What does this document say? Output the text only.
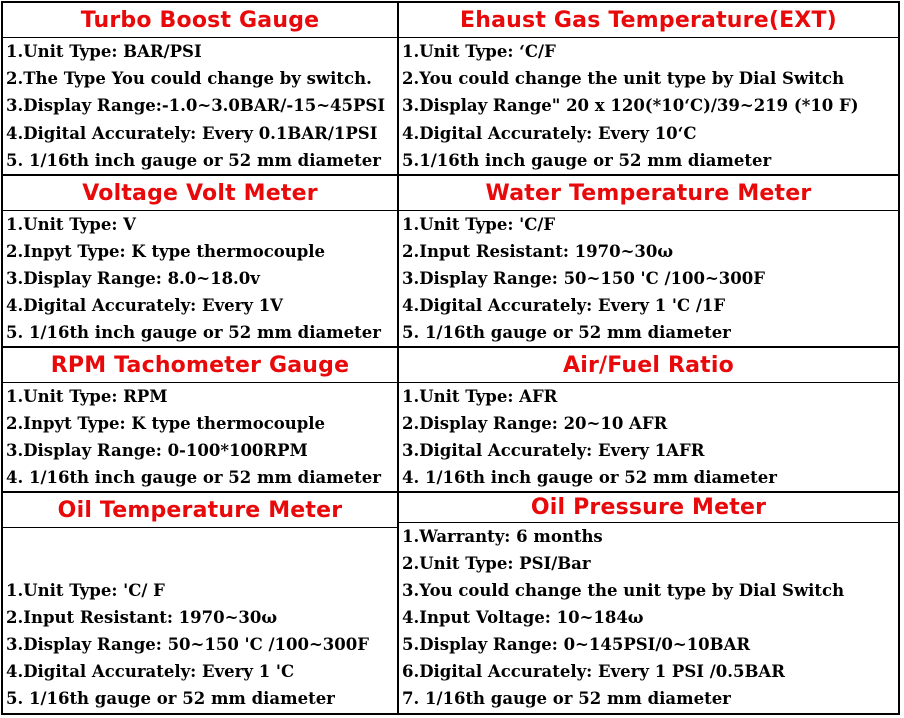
Turbo Boost Gauge
1.Unit Type: BAR/PSI
2.The Type You could change by switch.
3.Display Range:-1.0~3.0BAR/-15~45PSI
4.Digital Accurately: Every 0.1BAR/1PSI
5. 1/16th inch gauge or 52 mm diameter
Ehaust Gas Temperature(EXT)
1.Unit Type: ‘C/F
2.You could change the unit type by Dial Switch
3.Display Range" 20 x 120(*10‘C)/39~219 (*10 F)
4.Digital Accurately: Every 10‘C
5.1/16th inch gauge or 52 mm diameter
Voltage Volt Meter
1.Unit Type: V
2.Inpyt Type: K type thermocouple
3.Display Range: 8.0~18.0v
4.Digital Accurately: Every 1V
5. 1/16th inch gauge or 52 mm diameter
Water Temperature Meter
1.Unit Type: 'C/F
2.Input Resistant: 1970~30ω
3.Display Range: 50~150 'C /100~300F
4.Digital Accurately: Every 1 'C /1F
5. 1/16th gauge or 52 mm diameter
RPM Tachometer Gauge
1.Unit Type: RPM
2.Inpyt Type: K type thermocouple
3.Display Range: 0-100*100RPM
4. 1/16th inch gauge or 52 mm diameter
Air/Fuel Ratio
1.Unit Type: AFR
2.Display Range: 20~10 AFR
3.Digital Accurately: Every 1AFR
4. 1/16th inch gauge or 52 mm diameter
Oil Temperature Meter
1.Unit Type: 'C/ F
2.Input Resistant: 1970~30ω
3.Display Range: 50~150 'C /100~300F
4.Digital Accurately: Every 1 'C
5. 1/16th gauge or 52 mm diameter
Oil Pressure Meter
1.Warranty: 6 months
2.Unit Type: PSI/Bar
3.You could change the unit type by Dial Switch
4.Input Voltage: 10~184ω
5.Display Range: 0~145PSI/0~10BAR
6.Digital Accurately: Every 1 PSI /0.5BAR
7. 1/16th gauge or 52 mm diameter
